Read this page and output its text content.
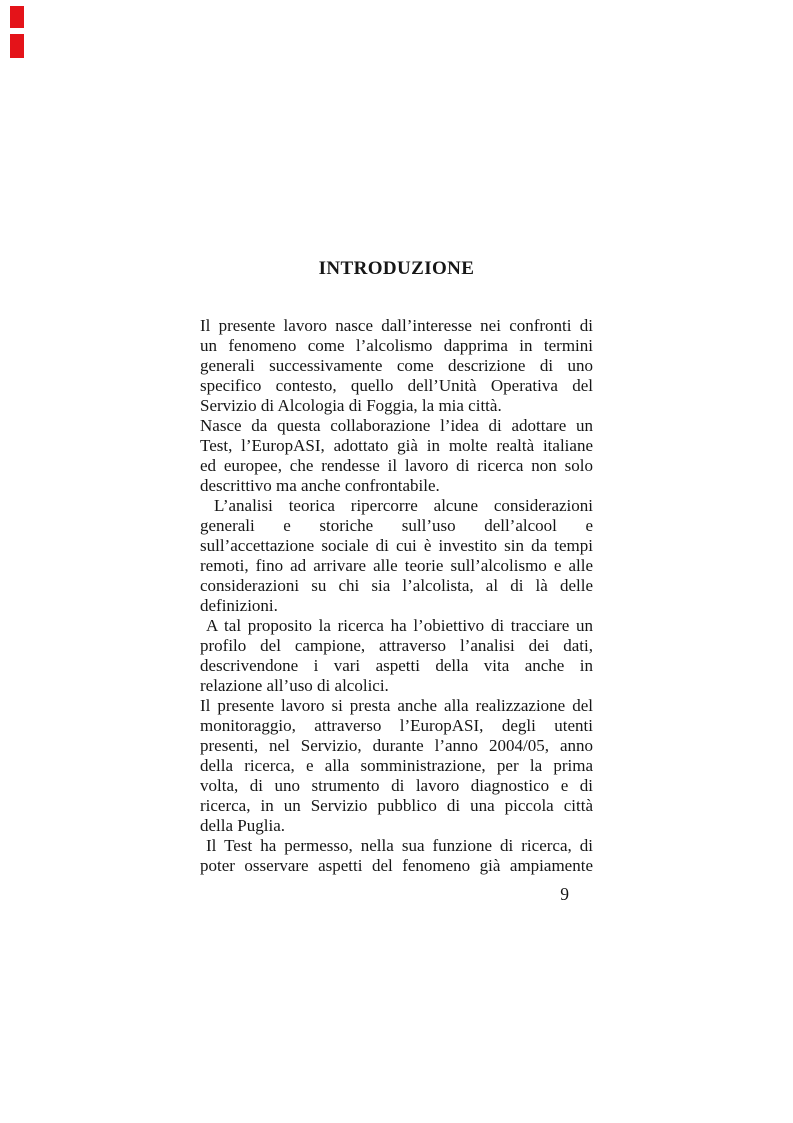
INTRODUZIONE

Il presente lavoro nasce dall’interesse nei confronti di
un fenomeno come l’alcolismo dapprima in termini
generali successivamente come descrizione di uno
specifico contesto, quello dell’Unità Operativa del
Servizio di Alcologia di Foggia, la mia città.

Nasce da questa collaborazione l’idea di adottare un
Test, l’EuropASI, adottato già in molte realtà italiane
ed europee, che rendesse il lavoro di ricerca non solo
descrittivo ma anche confrontabile.

L’analisi teorica ripercorre alcune considerazioni
generali e storiche sull’uso dell’alcool e
sull’accettazione sociale di cui è investito sin da tempi
remoti, fino ad arrivare alle teorie sull’alcolismo e alle
considerazioni su chi sia l’alcolista, al di là delle
definizioni.

A tal proposito la ricerca ha l’obiettivo di tracciare un
profilo del campione, attraverso l’analisi dei dati,
descrivendone i vari aspetti della vita anche in
relazione all’uso di alcolici.

Il presente lavoro si presta anche alla realizzazione del
monitoraggio, attraverso l’EuropASI, degli utenti
presenti, nel Servizio, durante l’anno 2004/05, anno
della ricerca, e alla somministrazione, per la prima
volta, di uno strumento di lavoro diagnostico e di
ricerca, in un Servizio pubblico di una piccola città
della Puglia.

Il Test ha permesso, nella sua funzione di ricerca, di
poter osservare aspetti del fenomeno già ampiamente

9
